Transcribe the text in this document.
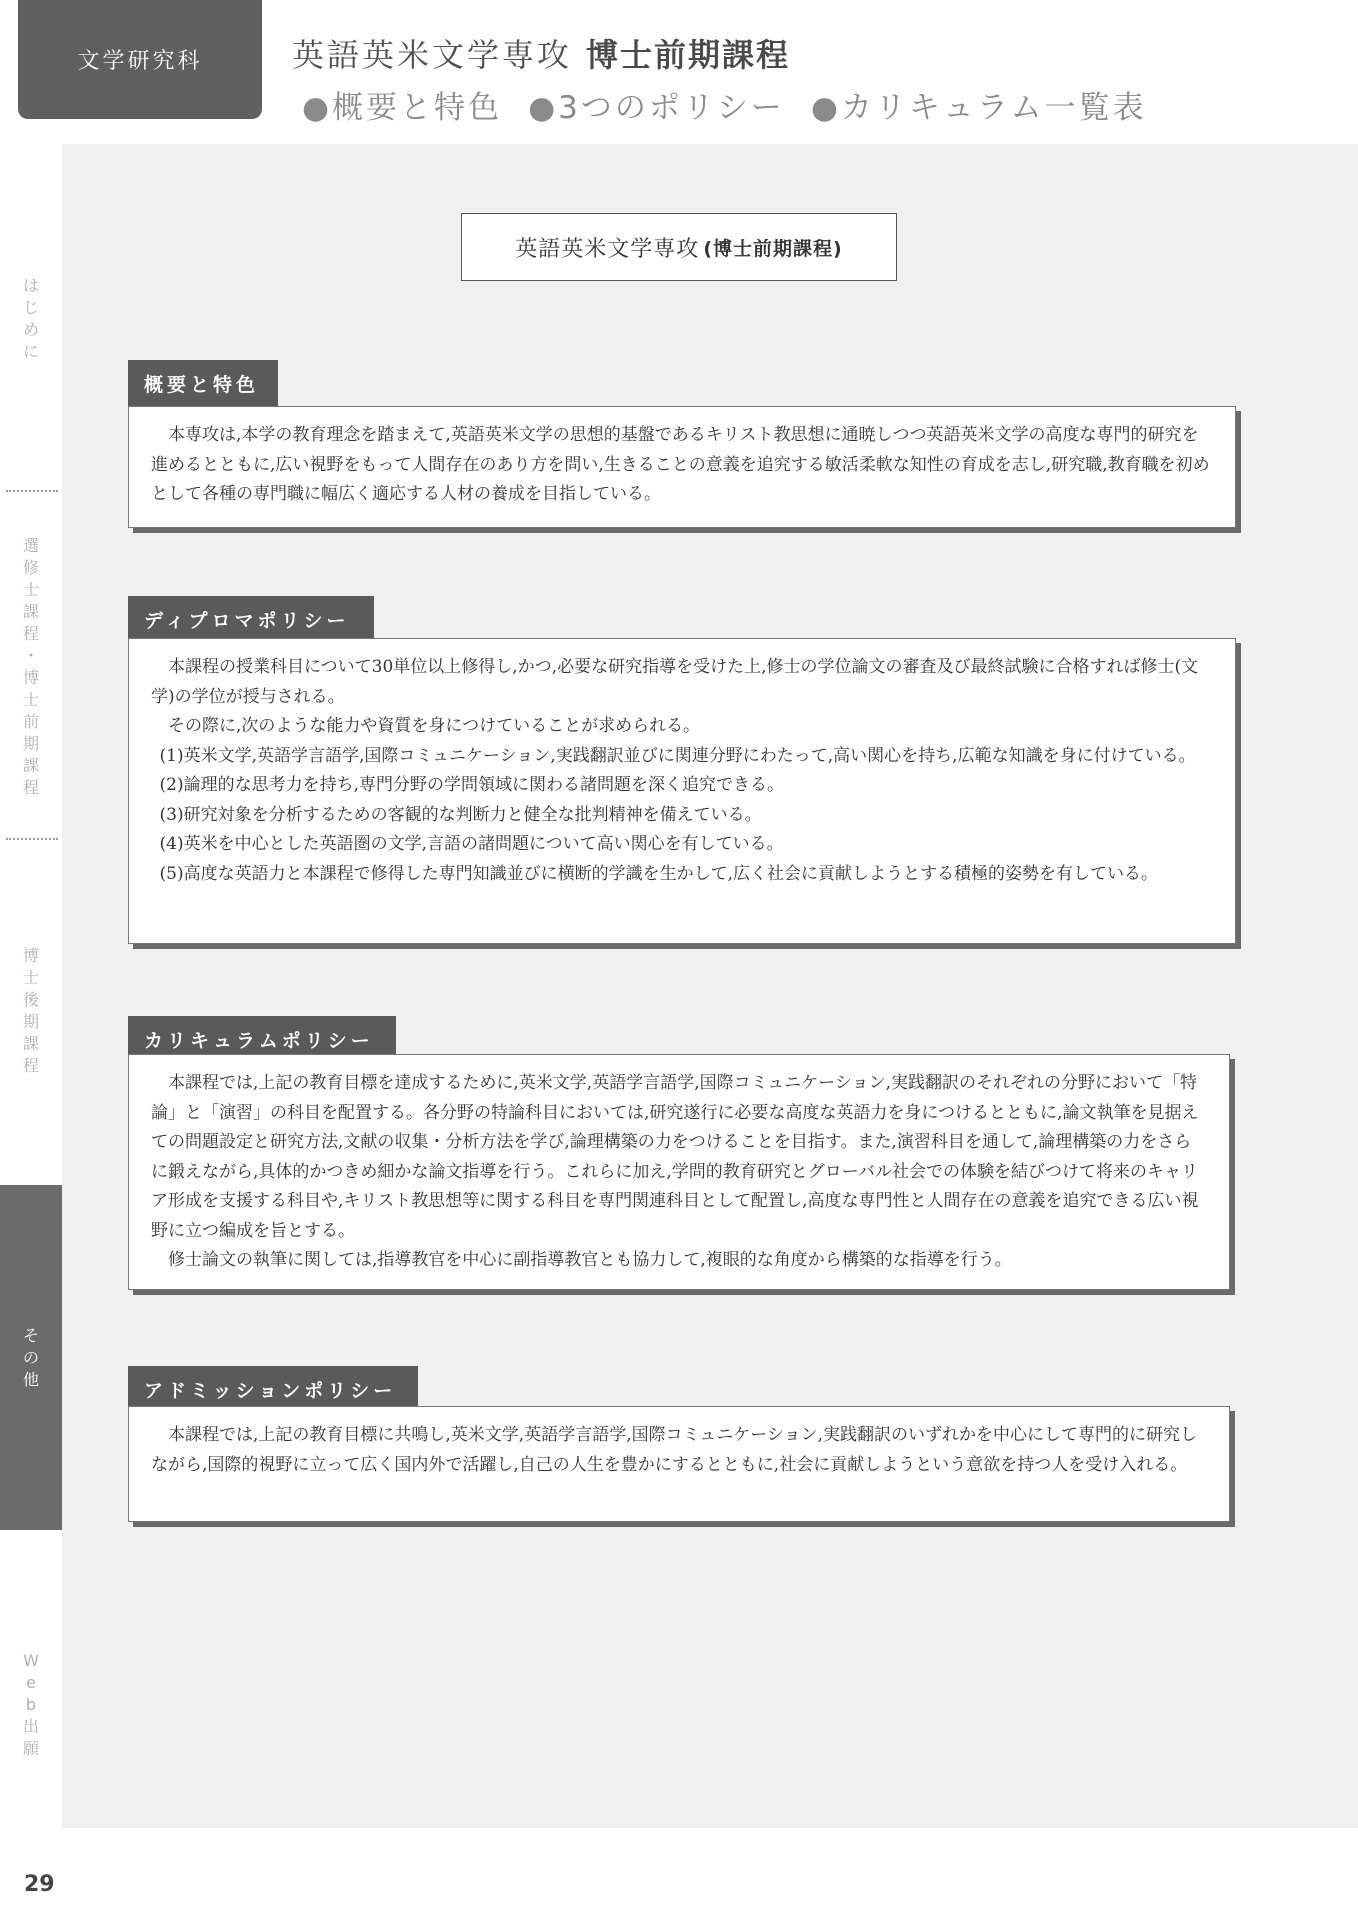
文学研究科	英語英米文学専攻 博士前期課程
●概要と特色 ●3つのポリシー ●カリキュラム一覧表
は
じ
め
に
選
修
士
課
程
・
博
士
前
期
課
程
博
士
後
期
課
程
そ
の
他
W
e
b
出
願
29
英語英米文学専攻 (博士前期課程)
概要と特色

本専攻は,本学の教育理念を踏まえて,英語英米文学の思想的基盤であるキリスト教思想に通暁しつつ英語英米文学の高度な専門的研究を進めるとともに,広い視野をもって人間存在のあり方を問い,生きることの意義を追究する敏活柔軟な知性の育成を志し,研究職,教育職を初めとして各種の専門職に幅広く適応する人材の養成を目指している。

ディプロマポリシー

本課程の授業科目について30単位以上修得し,かつ,必要な研究指導を受けた上,修士の学位論文の審査及び最終試験に合格すれば修士(文学)の学位が授与される。

その際に,次のような能力や資質を身につけていることが求められる。

(1)英米文学,英語学言語学,国際コミュニケーション,実践翻訳並びに関連分野にわたって,高い関心を持ち,広範な知識を身に付けている。

(2)論理的な思考力を持ち,専門分野の学問領域に関わる諸問題を深く追究できる。

(3)研究対象を分析するための客観的な判断力と健全な批判精神を備えている。

(4)英米を中心とした英語圏の文学,言語の諸問題について高い関心を有している。

(5)高度な英語力と本課程で修得した専門知識並びに横断的学識を生かして,広く社会に貢献しようとする積極的姿勢を有している。

カリキュラムポリシー

本課程では,上記の教育目標を達成するために,英米文学,英語学言語学,国際コミュニケーション,実践翻訳のそれぞれの分野において「特論」と「演習」の科目を配置する。各分野の特論科目においては,研究遂行に必要な高度な英語力を身につけるとともに,論文執筆を見据えての問題設定と研究方法,文献の収集・分析方法を学び,論理構築の力をつけることを目指す。また,演習科目を通して,論理構築の力をさらに鍛えながら,具体的かつきめ細かな論文指導を行う。これらに加え,学問的教育研究とグローバル社会での体験を結びつけて将来のキャリア形成を支援する科目や,キリスト教思想等に関する科目を専門関連科目として配置し,高度な専門性と人間存在の意義を追究できる広い視野に立つ編成を旨とする。

修士論文の執筆に関しては,指導教官を中心に副指導教官とも協力して,複眼的な角度から構築的な指導を行う。

アドミッションポリシー

本課程では,上記の教育目標に共鳴し,英米文学,英語学言語学,国際コミュニケーション,実践翻訳のいずれかを中心にして専門的に研究しながら,国際的視野に立って広く国内外で活躍し,自己の人生を豊かにするとともに,社会に貢献しようという意欲を持つ人を受け入れる。
